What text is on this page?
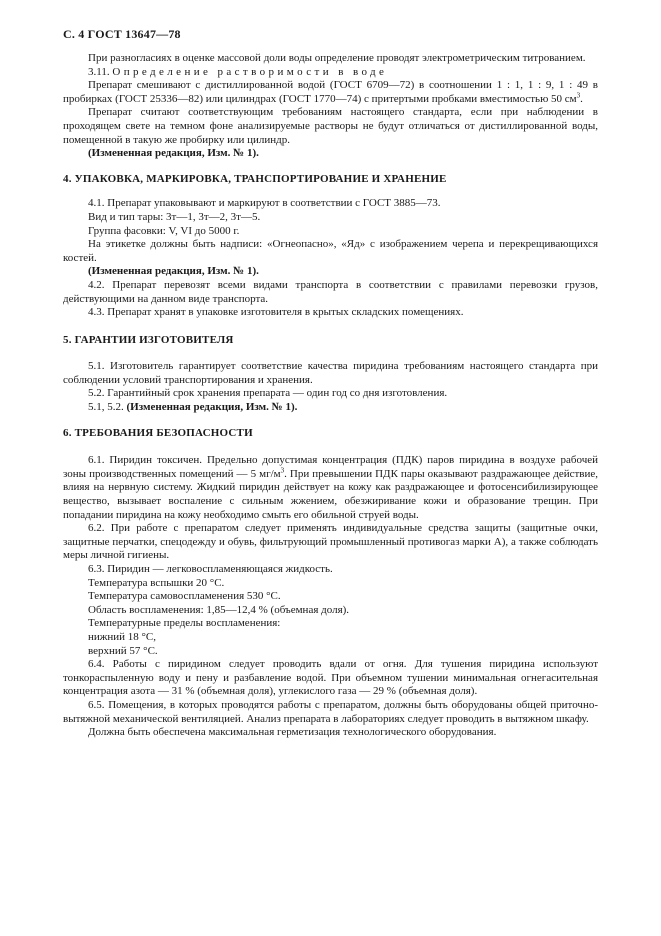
С. 4 ГОСТ 13647—78

При разногласиях в оценке массовой доли воды определение проводят электрометрическим титрованием.

3.11. Определение растворимости в воде

Препарат смешивают с дистиллированной водой (ГОСТ 6709—72) в соотношении 1 : 1, 1 : 9, 1 : 49 в пробирках (ГОСТ 25336—82) или цилиндрах (ГОСТ 1770—74) с притертыми пробками вместимостью 50 $см^3$.

Препарат считают соответствующим требованиям настоящего стандарта, если при наблюдении в проходящем свете на темном фоне анализируемые растворы не будут отличаться от дистиллированной воды, помещенной в такую же пробирку или цилиндр.

(Измененная редакция, Изм. № 1).

4. УПАКОВКА, МАРКИРОВКА, ТРАНСПОРТИРОВАНИЕ И ХРАНЕНИЕ

4.1. Препарат упаковывают и маркируют в соответствии с ГОСТ 3885—73.

Вид и тип тары: 3т—1, 3т—2, 3т—5.

Группа фасовки: V, VI до 5000 г.

На этикетке должны быть надписи: «Огнеопасно», «Яд» с изображением черепа и перекрещивающихся костей.

(Измененная редакция, Изм. № 1).

4.2. Препарат перевозят всеми видами транспорта в соответствии с правилами перевозки грузов, действующими на данном виде транспорта.

4.3. Препарат хранят в упаковке изготовителя в крытых складских помещениях.

5. ГАРАНТИИ ИЗГОТОВИТЕЛЯ

5.1. Изготовитель гарантирует соответствие качества пиридина требованиям настоящего стандарта при соблюдении условий транспортирования и хранения.

5.2. Гарантийный срок хранения препарата — один год со дня изготовления.

5.1, 5.2. (Измененная редакция, Изм. № 1).

6. ТРЕБОВАНИЯ БЕЗОПАСНОСТИ

6.1. Пиридин токсичен. Предельно допустимая концентрация (ПДК) паров пиридина в воздухе рабочей зоны производственных помещений — 5 $мг/м^3$. При превышении ПДК пары оказывают раздражающее действие, влияя на нервную систему. Жидкий пиридин действует на кожу как раздражающее и фотосенсибилизирующее вещество, вызывает воспаление с сильным жжением, обезжиривание кожи и образование трещин. При попадании пиридина на кожу необходимо смыть его обильной струей воды.

6.2. При работе с препаратом следует применять индивидуальные средства защиты (защитные очки, защитные перчатки, спецодежду и обувь, фильтрующий промышленный противогаз марки А), а также соблюдать меры личной гигиены.

6.3. Пиридин — легковоспламеняющаяся жидкость.

Температура вспышки 20 °С.

Температура самовоспламенения 530 °С.

Область воспламенения: 1,85—12,4 % (объемная доля).

Температурные пределы воспламенения:

нижний 18 °С,

верхний 57 °С.

6.4. Работы с пиридином следует проводить вдали от огня. Для тушения пиридина используют тонкораспыленную воду и пену и разбавление водой. При объемном тушении минимальная огнегасительная концентрация азота — 31 % (объемная доля), углекислого газа — 29 % (объемная доля).

6.5. Помещения, в которых проводятся работы с препаратом, должны быть оборудованы общей приточно-вытяжной механической вентиляцией. Анализ препарата в лабораториях следует проводить в вытяжном шкафу.

Должна быть обеспечена максимальная герметизация технологического оборудования.
